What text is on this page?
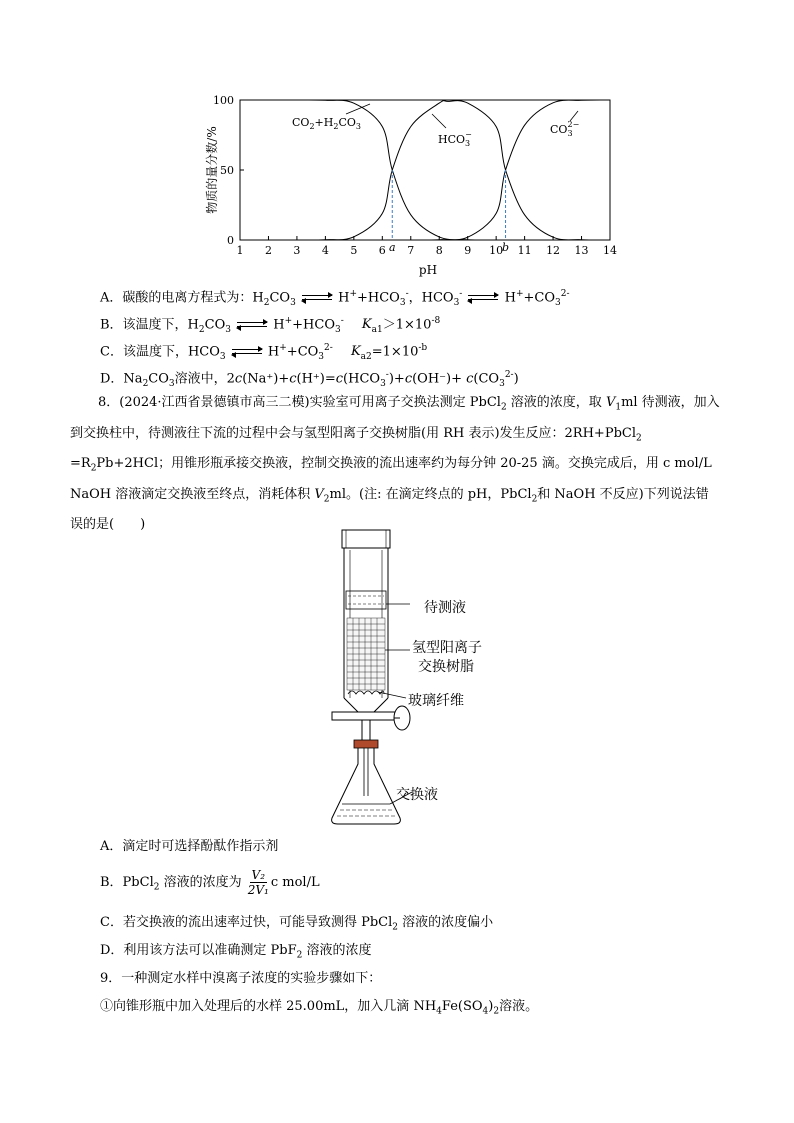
1 2 3 4 5 6 7 8 9 10 11 12 13 14
0
50
100
a	b
物质的量分数/%
pH
$CO_2+H_2CO_3$
$HCO_3-$	$CO_32-$
A．碳酸的电离方程式为：$H_2CO_3$	$H^++HCO_3^-$，$HCO_3^-$	$H^++CO_3^{2-}$
B．该温度下，$H_2CO_3$	$H^++HCO_3^-$ $K_{a1}>1\times 10^{-8}$
C．该温度下，$HCO_3$	$H^++CO_3^{2-}$ $K_{a2}=1\times 10^{-b}$
D．$Na_2CO_3$溶液中，$2c(Na^+)+c(H^+)=c(HCO_3^-)+c(OH^-)+ c(CO_3^{2-})$
8．(2024·江西省景德镇市高三二模)实验室可用离子交换法测定 PbCl$_2$ 溶液的浓度，取 $V_1ml$ 待测液，加入到交换柱中，待测液往下流的过程中会与氢型阳离子交换树脂(用 RH 表示)发生反应：2RH+PbCl$_2$
$=R_2Pb+2HCl$；用锥形瓶承接交换液，控制交换液的流出速率约为每分钟 20-25 滴。交换完成后，用 c mol/L NaOH 溶液滴定交换液至终点，消耗体积 $V_2ml$。(注: 在滴定终点的 pH，PbCl$_2$和 NaOH 不反应)下列说法错误的是(　　)
待测液
氢型阳离子
交换树脂
玻璃纤维
交换液
A．滴定时可选择酚酞作指示剂
B．PbCl$_2$ 溶液的浓度为 $\frac{\text{V₂}}{\text{2V₁}}$ c mol/L
C．若交换液的流出速率过快，可能导致测得 PbCl$_2$ 溶液的浓度偏小
D．利用该方法可以准确测定 PbF$_2$ 溶液的浓度
9．一种测定水样中溴离子浓度的实验步骤如下：
①向锥形瓶中加入处理后的水样 25.00mL，加入几滴 $NH_4Fe(SO_4)_2$溶液。
